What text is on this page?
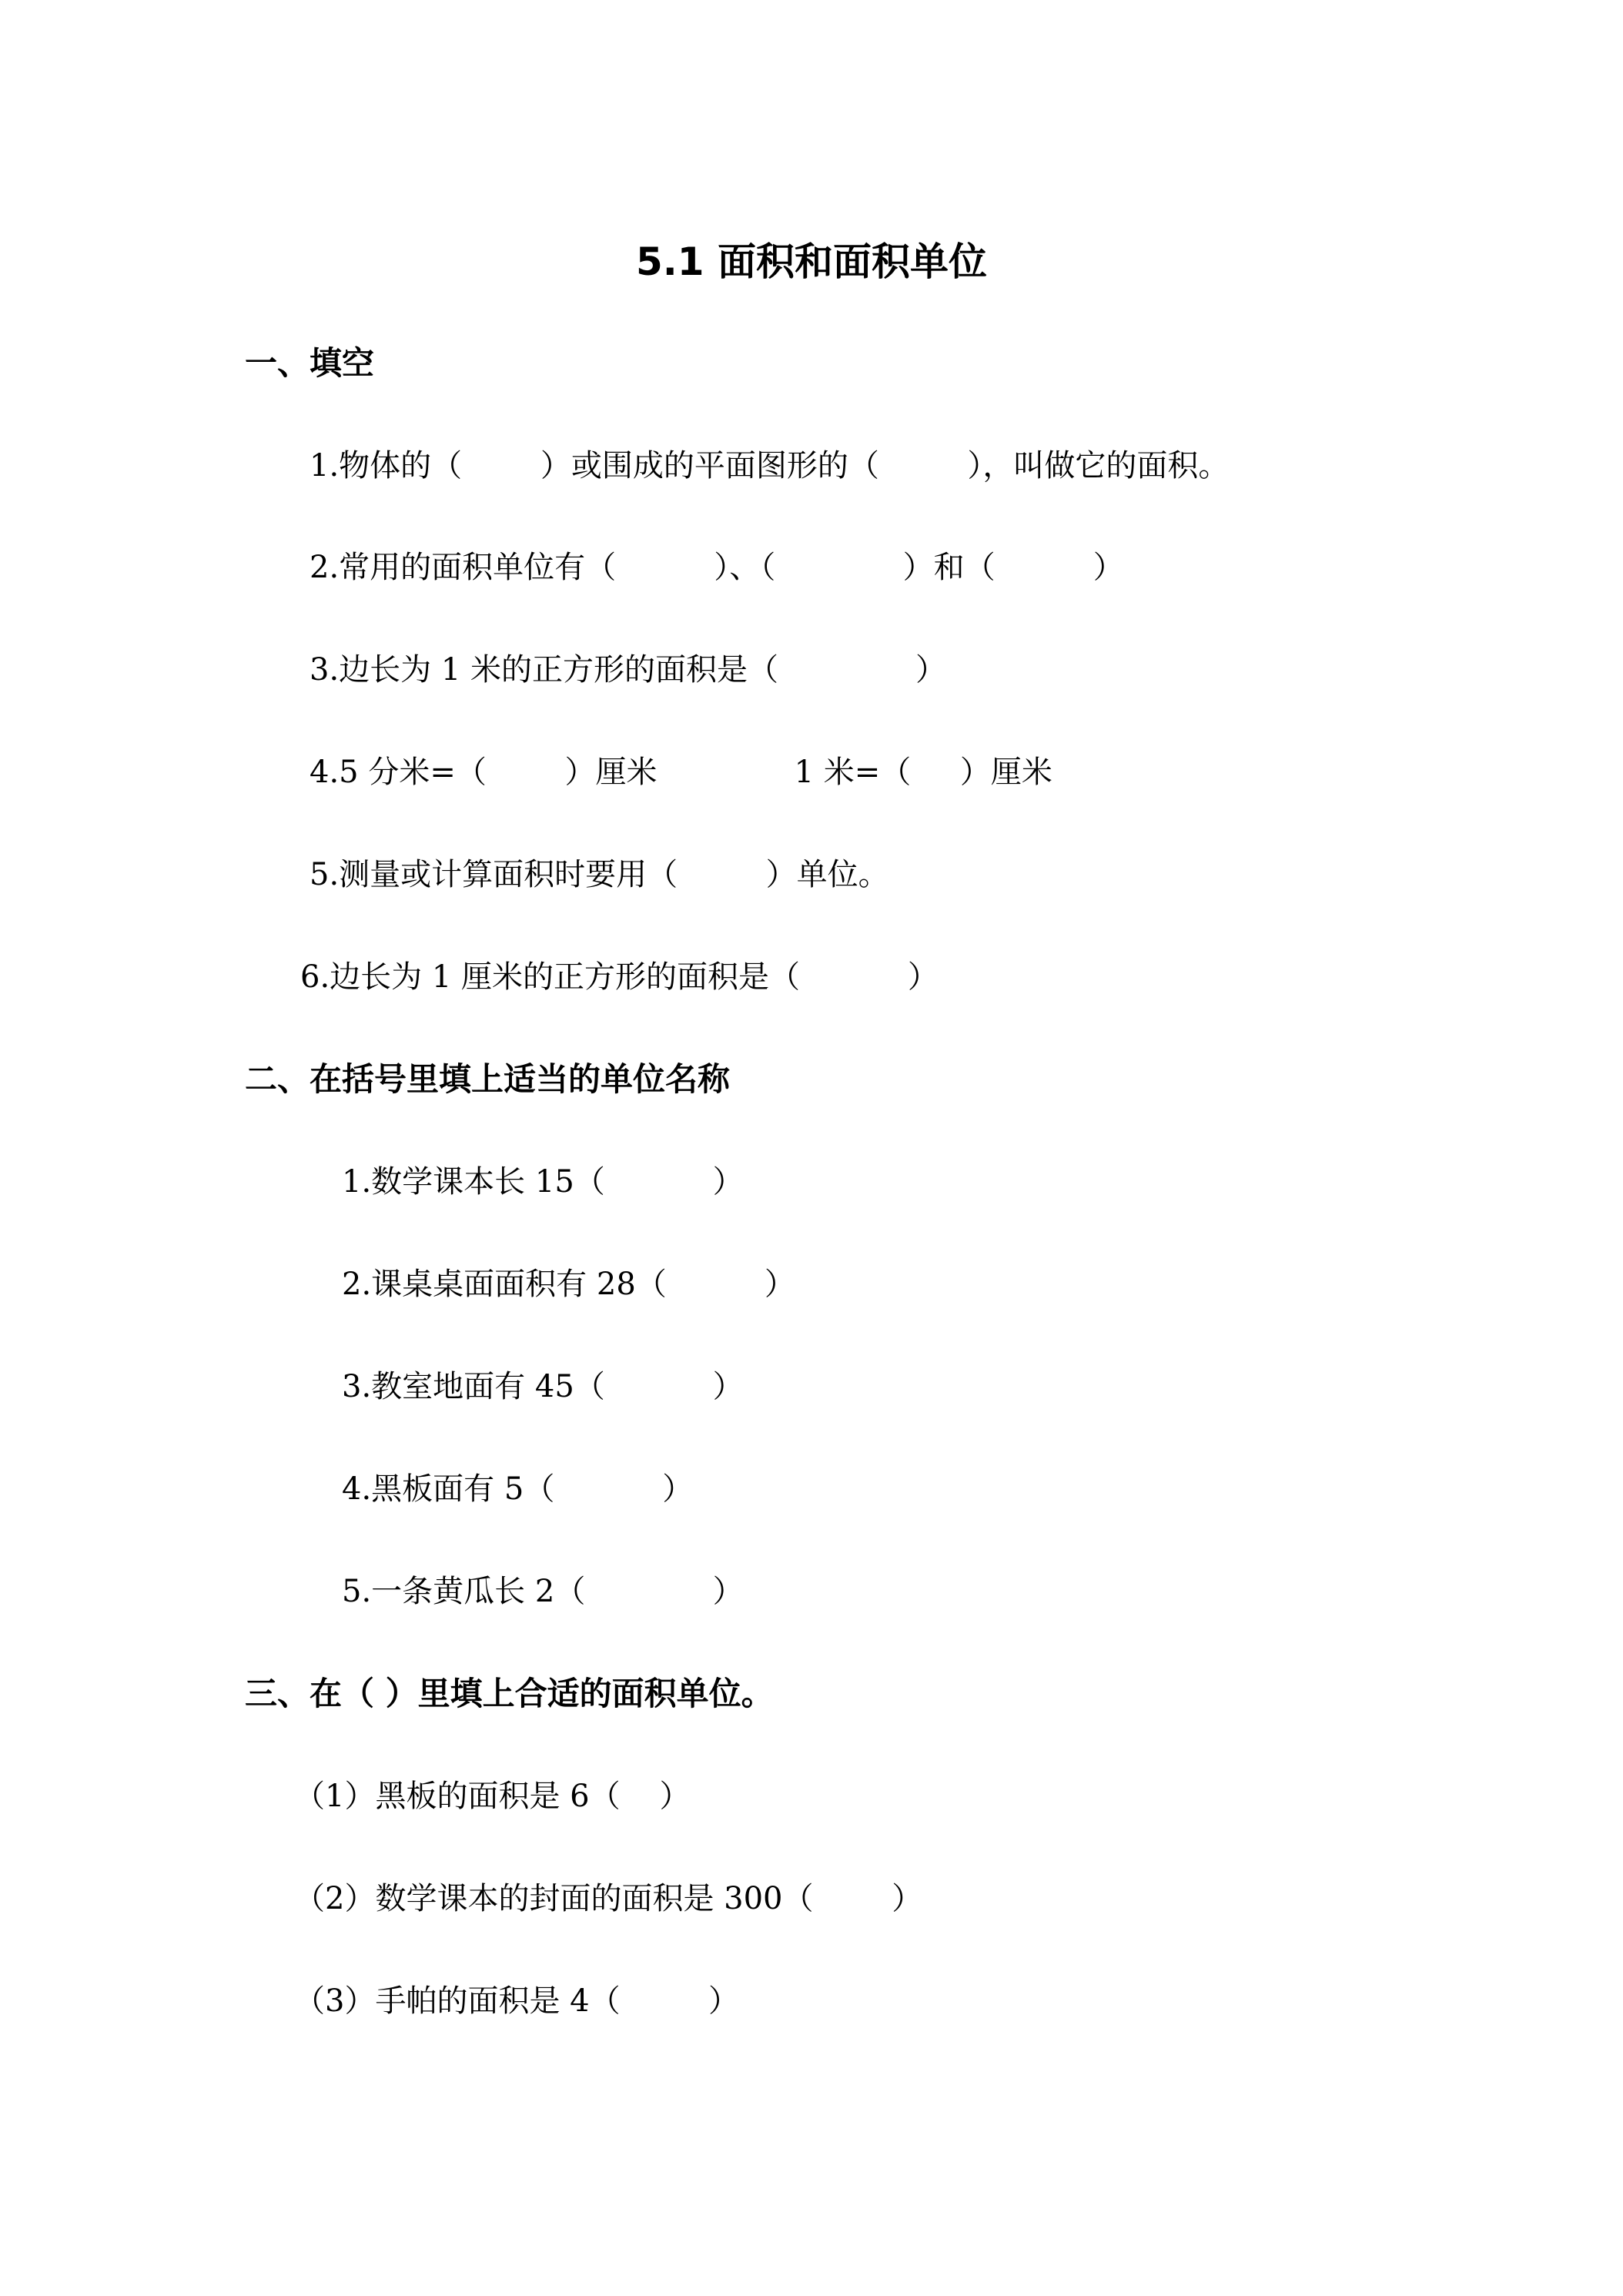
5.1 面积和面积单位
一、填空
1.物体的（        ）或围成的平面图形的（         ），叫做它的面积。
2.常用的面积单位有（          ）、（             ）和（          ）
3.边长为 1 米的正方形的面积是（              ）
4.5 分米=（        ）厘米              1 米=（     ）厘米
5.测量或计算面积时要用（         ）单位。
6.边长为 1 厘米的正方形的面积是（           ）
二、在括号里填上适当的单位名称
1.数学课本长 15（           ）
2.课桌桌面面积有 28（          ）
3.教室地面有 45（           ）
4.黑板面有 5（           ）
5.一条黄瓜长 2（             ）
三、在（ ）里填上合适的面积单位。
（1）黑板的面积是 6（    ）
（2）数学课本的封面的面积是 300（        ）
（3）手帕的面积是 4（         ）
